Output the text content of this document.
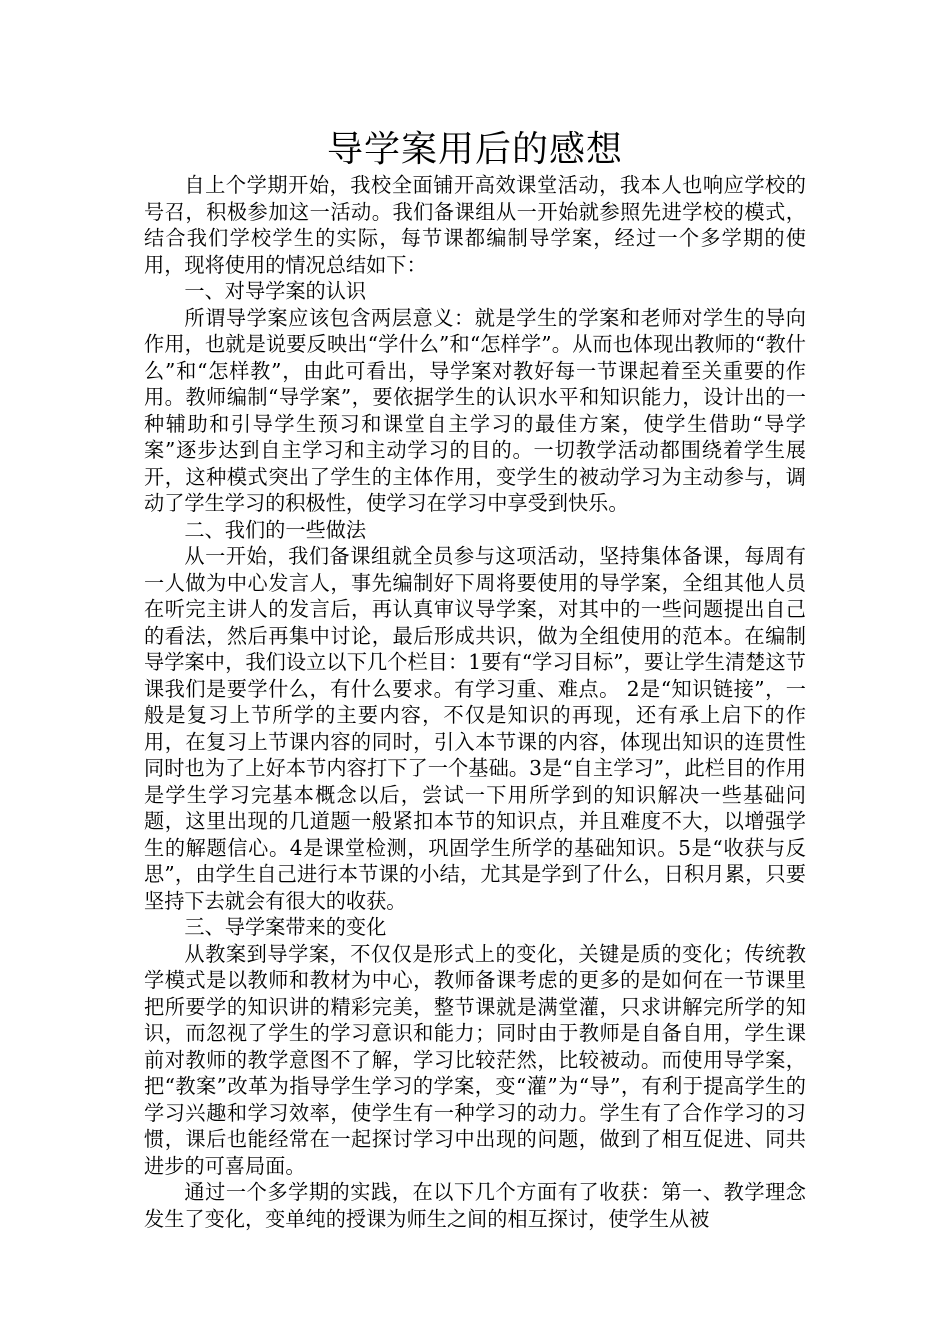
导学案用后的感想

自上个学期开始，我校全面铺开高效课堂活动，我本人也响应学校的号召，积极参加这一活动。我们备课组从一开始就参照先进学校的模式，结合我们学校学生的实际，每节课都编制导学案，经过一个多学期的使用，现将使用的情况总结如下：

一、对导学案的认识

所谓导学案应该包含两层意义：就是学生的学案和老师对学生的导向作用，也就是说要反映出“学什么”和“怎样学”。从而也体现出教师的“教什么”和“怎样教”，由此可看出，导学案对教好每一节课起着至关重要的作用。教师编制“导学案”，要依据学生的认识水平和知识能力，设计出的一种辅助和引导学生预习和课堂自主学习的最佳方案，使学生借助“导学案”逐步达到自主学习和主动学习的目的。一切教学活动都围绕着学生展开，这种模式突出了学生的主体作用，变学生的被动学习为主动参与，调动了学生学习的积极性，使学习在学习中享受到快乐。

二、我们的一些做法

从一开始，我们备课组就全员参与这项活动，坚持集体备课，每周有一人做为中心发言人，事先编制好下周将要使用的导学案，全组其他人员在听完主讲人的发言后，再认真审议导学案，对其中的一些问题提出自己的看法，然后再集中讨论，最后形成共识，做为全组使用的范本。在编制导学案中，我们设立以下几个栏目：1要有“学习目标”，要让学生清楚这节课我们是要学什么，有什么要求。有学习重、难点。 2是“知识链接”，一般是复习上节所学的主要内容，不仅是知识的再现，还有承上启下的作用，在复习上节课内容的同时，引入本节课的内容，体现出知识的连贯性同时也为了上好本节内容打下了一个基础。3是“自主学习”，此栏目的作用是学生学习完基本概念以后，尝试一下用所学到的知识解决一些基础问题，这里出现的几道题一般紧扣本节的知识点，并且难度不大，以增强学生的解题信心。4是课堂检测，巩固学生所学的基础知识。5是“收获与反思”，由学生自己进行本节课的小结，尤其是学到了什么，日积月累，只要坚持下去就会有很大的收获。

三、导学案带来的变化

从教案到导学案，不仅仅是形式上的变化，关键是质的变化；传统教学模式是以教师和教材为中心，教师备课考虑的更多的是如何在一节课里把所要学的知识讲的精彩完美，整节课就是满堂灌，只求讲解完所学的知识，而忽视了学生的学习意识和能力；同时由于教师是自备自用，学生课前对教师的教学意图不了解，学习比较茫然，比较被动。而使用导学案，把“教案”改革为指导学生学习的学案，变“灌”为“导”，有利于提高学生的学习兴趣和学习效率，使学生有一种学习的动力。学生有了合作学习的习惯，课后也能经常在一起探讨学习中出现的问题，做到了相互促进、同共进步的可喜局面。

通过一个多学期的实践，在以下几个方面有了收获：第一、教学理念发生了变化，变单纯的授课为师生之间的相互探讨，使学生从被
